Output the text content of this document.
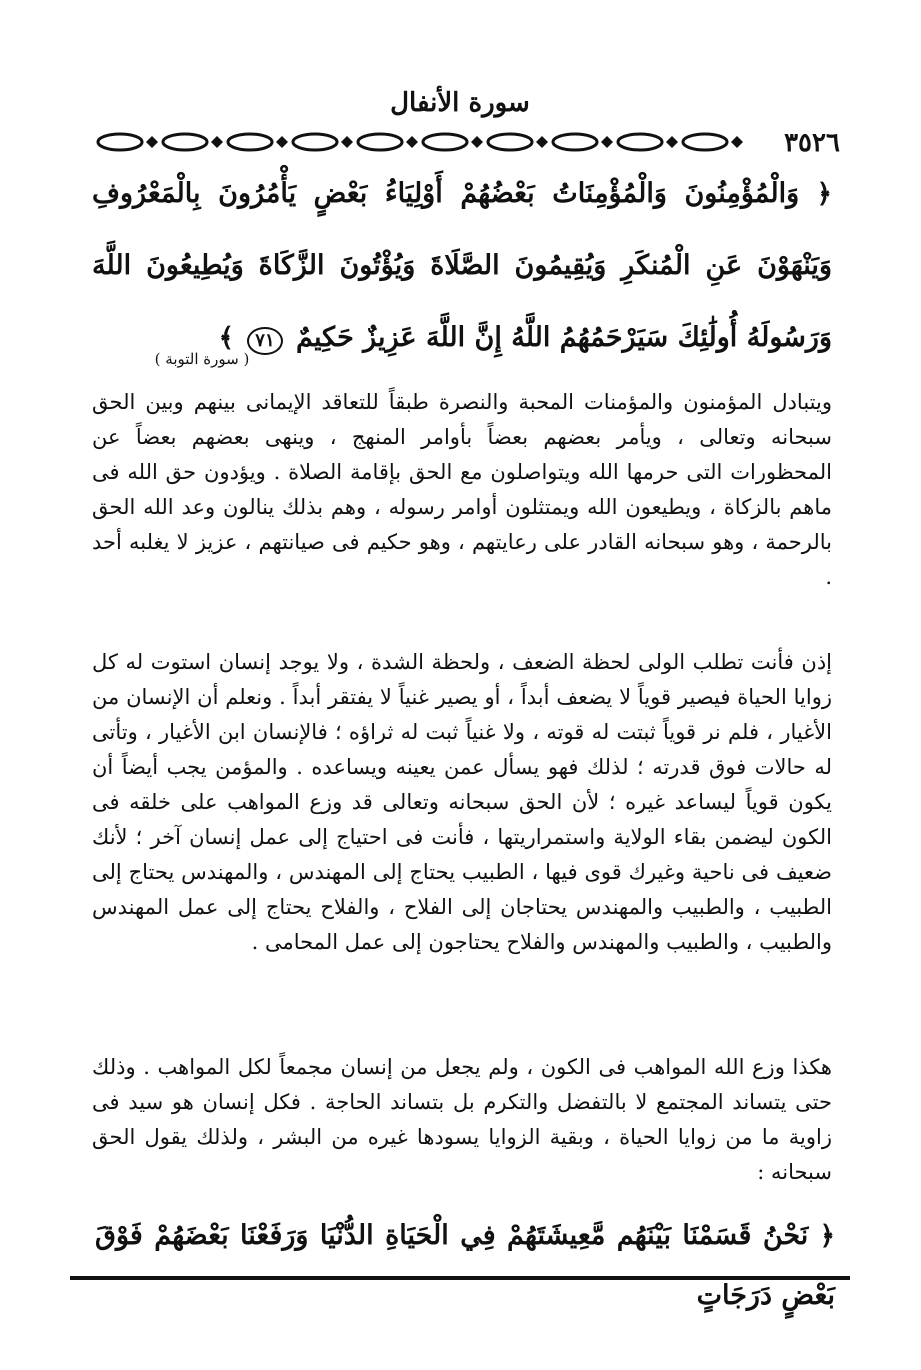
سورة الأنفال
٣٥٢٦
﴿ وَالْمُؤْمِنُونَ وَالْمُؤْمِنَاتُ بَعْضُهُمْ أَوْلِيَاءُ بَعْضٍ يَأْمُرُونَ بِالْمَعْرُوفِ وَيَنْهَوْنَ عَنِ الْمُنكَرِ وَيُقِيمُونَ الصَّلَاةَ وَيُؤْتُونَ الزَّكَاةَ وَيُطِيعُونَ اللَّهَ وَرَسُولَهُ أُولَٰئِكَ سَيَرْحَمُهُمُ اللَّهُ إِنَّ اللَّهَ عَزِيزٌ حَكِيمٌ ٧١ ﴾
( سورة التوبة )
ويتبادل المؤمنون والمؤمنات المحبة والنصرة طبقاً للتعاقد الإيمانى بينهم وبين الحق سبحانه وتعالى ، ويأمر بعضهم بعضاً بأوامر المنهج ، وينهى بعضهم بعضاً عن المحظورات التى حرمها الله ويتواصلون مع الحق بإقامة الصلاة . ويؤدون حق الله فى ماهم بالزكاة ، ويطيعون الله ويمتثلون أوامر رسوله ، وهم بذلك ينالون وعد الله الحق بالرحمة ، وهو سبحانه القادر على رعايتهم ، وهو حكيم فى صيانتهم ، عزيز لا يغلبه أحد .
إذن فأنت تطلب الولى لحظة الضعف ، ولحظة الشدة ، ولا يوجد إنسان استوت له كل زوايا الحياة فيصير قوياً لا يضعف أبداً ، أو يصير غنياً لا يفتقر أبداً . ونعلم أن الإنسان من الأغيار ، فلم نر قوياً ثبتت له قوته ، ولا غنياً ثبت له ثراؤه ؛ فالإنسان ابن الأغيار ، وتأتى له حالات فوق قدرته ؛ لذلك فهو يسأل عمن يعينه ويساعده . والمؤمن يجب أيضاً أن يكون قوياً ليساعد غيره ؛ لأن الحق سبحانه وتعالى قد وزع المواهب على خلقه فى الكون ليضمن بقاء الولاية واستمراريتها ، فأنت فى احتياج إلى عمل إنسان آخر ؛ لأنك ضعيف فى ناحية وغيرك قوى فيها ، الطبيب يحتاج إلى المهندس ، والمهندس يحتاج إلى الطبيب ، والطبيب والمهندس يحتاجان إلى الفلاح ، والفلاح يحتاج إلى عمل المهندس والطبيب ، والطبيب والمهندس والفلاح يحتاجون إلى عمل المحامى .
هكذا وزع الله المواهب فى الكون ، ولم يجعل من إنسان مجمعاً لكل المواهب . وذلك حتى يتساند المجتمع لا بالتفضل والتكرم بل بتساند الحاجة . فكل إنسان هو سيد فى زاوية ما من زوايا الحياة ، وبقية الزوايا يسودها غيره من البشر ، ولذلك يقول الحق سبحانه :
﴿ نَحْنُ قَسَمْنَا بَيْنَهُم مَّعِيشَتَهُمْ فِي الْحَيَاةِ الدُّنْيَا وَرَفَعْنَا بَعْضَهُمْ فَوْقَ بَعْضٍ دَرَجَاتٍ
